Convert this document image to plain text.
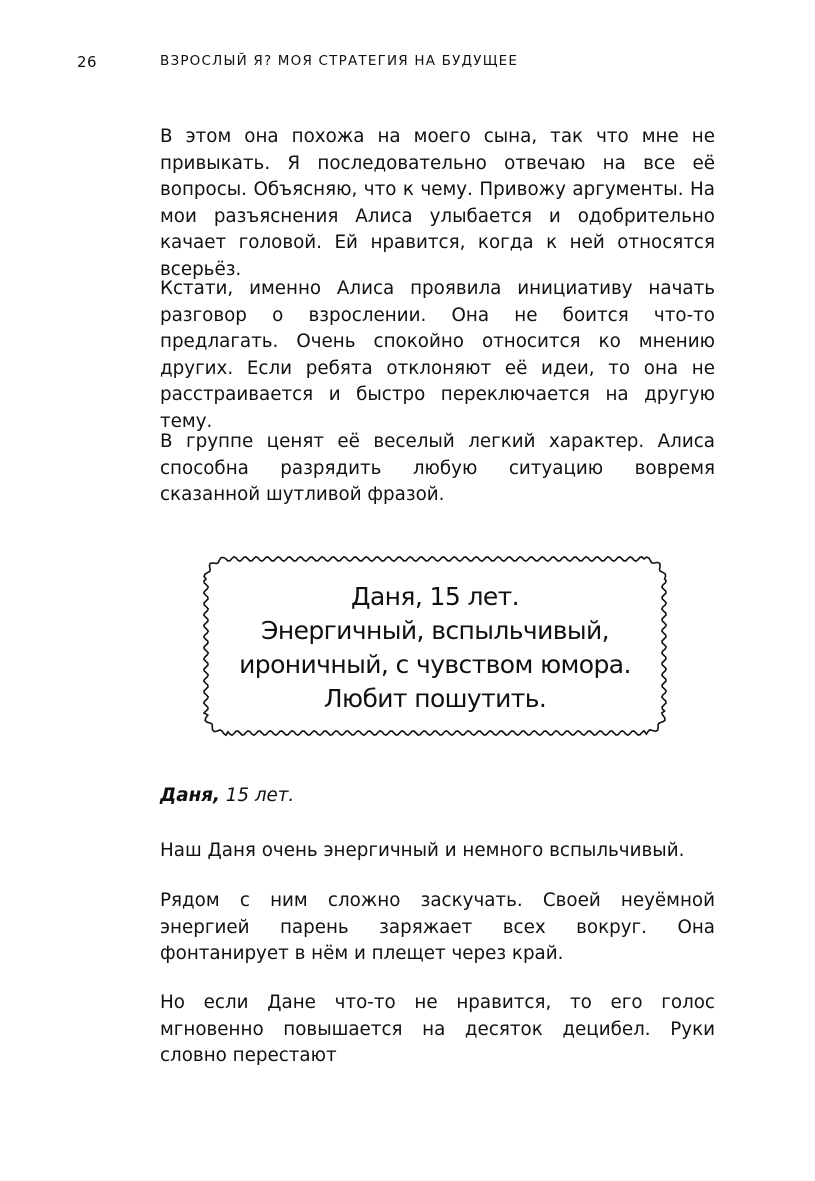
26	ВЗРОСЛЫЙ Я? МОЯ СТРАТЕГИЯ НА БУДУЩЕЕ

В этом она похожа на моего сына, так что мне не привыкать. Я последовательно отвечаю на все её вопросы. Объясняю, что к чему. Привожу аргументы. На мои разъяснения Алиса улыбается и одобрительно качает головой. Ей нравится, когда к ней относятся всерьёз.

Кстати, именно Алиса проявила инициативу начать разговор о взрослении. Она не боится что-то предлагать. Очень спокойно относится ко мнению других. Если ребята отклоняют её идеи, то она не расстраивается и быстро переключается на другую тему.

В группе ценят её веселый легкий характер. Алиса способна разрядить любую ситуацию вовремя сказанной шутливой фразой.

Даня, 15 лет.
Энергичный, вспыльчивый,
ироничный, с чувством юмора.
Любит пошутить.
Даня, 15 лет.

Наш Даня очень энергичный и немного вспыльчивый.

Рядом с ним сложно заскучать. Своей неуёмной энергией парень заряжает всех вокруг. Она фонтанирует в нём и плещет через край.

Но если Дане что-то не нравится, то его голос мгновенно повышается на десяток децибел. Руки словно перестают
